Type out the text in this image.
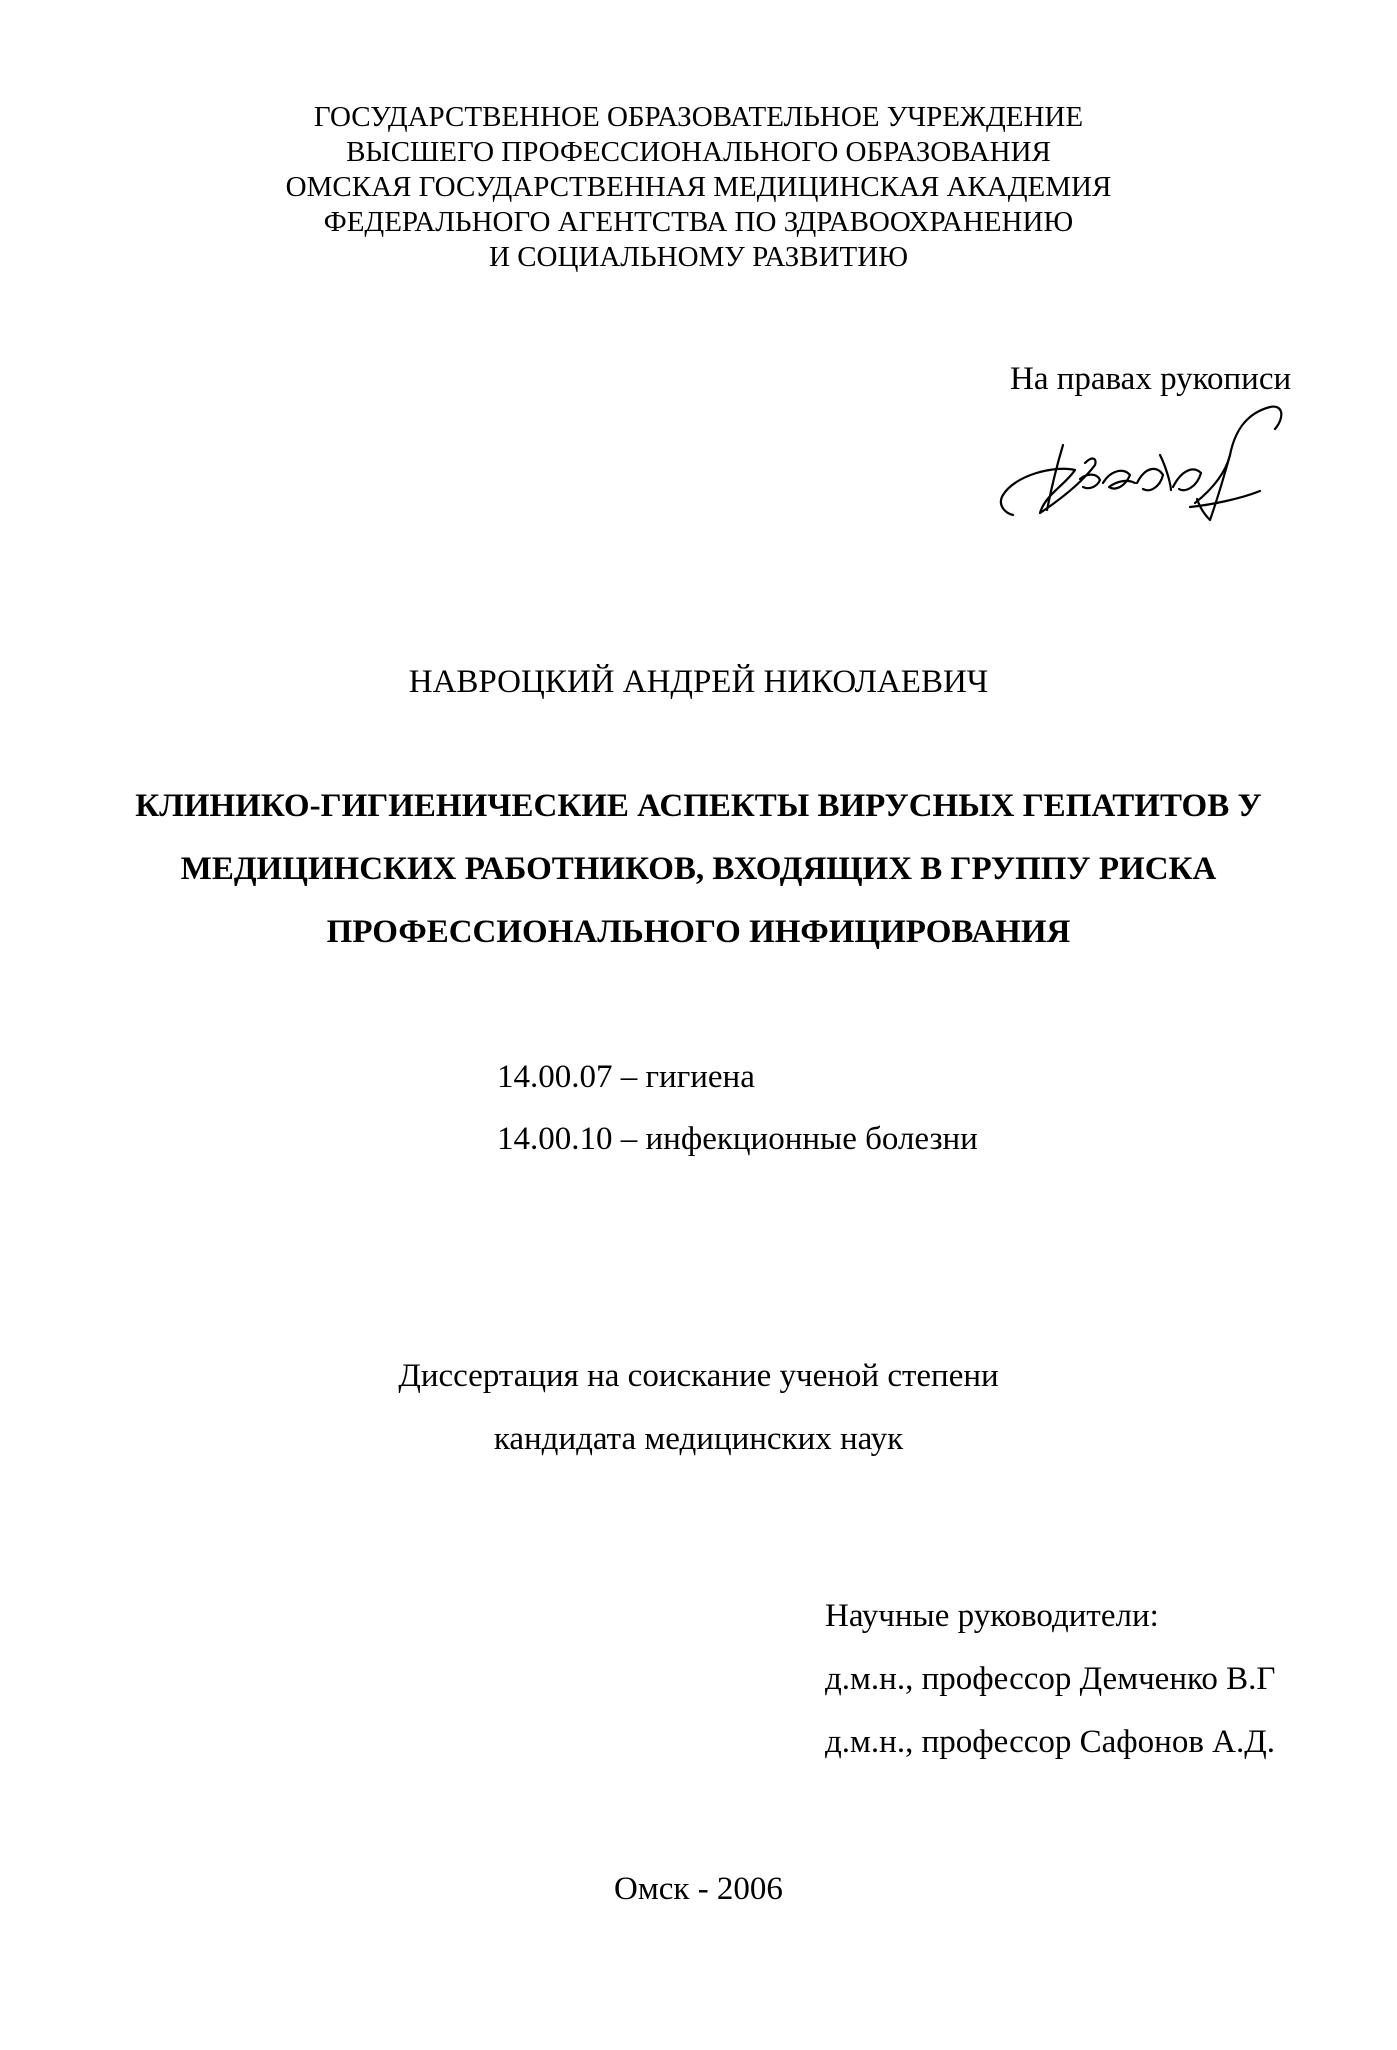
ГОСУДАРСТВЕННОЕ ОБРАЗОВАТЕЛЬНОЕ УЧРЕЖДЕНИЕ
ВЫСШЕГО ПРОФЕССИОНАЛЬНОГО ОБРАЗОВАНИЯ
ОМСКАЯ ГОСУДАРСТВЕННАЯ МЕДИЦИНСКАЯ АКАДЕМИЯ
ФЕДЕРАЛЬНОГО АГЕНТСТВА ПО ЗДРАВООХРАНЕНИЮ
И СОЦИАЛЬНОМУ РАЗВИТИЮ
На правах рукописи
НАВРОЦКИЙ АНДРЕЙ НИКОЛАЕВИЧ
КЛИНИКО-ГИГИЕНИЧЕСКИЕ АСПЕКТЫ ВИРУСНЫХ ГЕПАТИТОВ У
МЕДИЦИНСКИХ РАБОТНИКОВ, ВХОДЯЩИХ В ГРУППУ РИСКА
ПРОФЕССИОНАЛЬНОГО ИНФИЦИРОВАНИЯ
14.00.07 – гигиена
14.00.10 – инфекционные болезни
Диссертация на соискание ученой степени
кандидата медицинских наук
Научные руководители:
д.м.н., профессор Демченко В.Г
д.м.н., профессор Сафонов А.Д.
Омск - 2006
